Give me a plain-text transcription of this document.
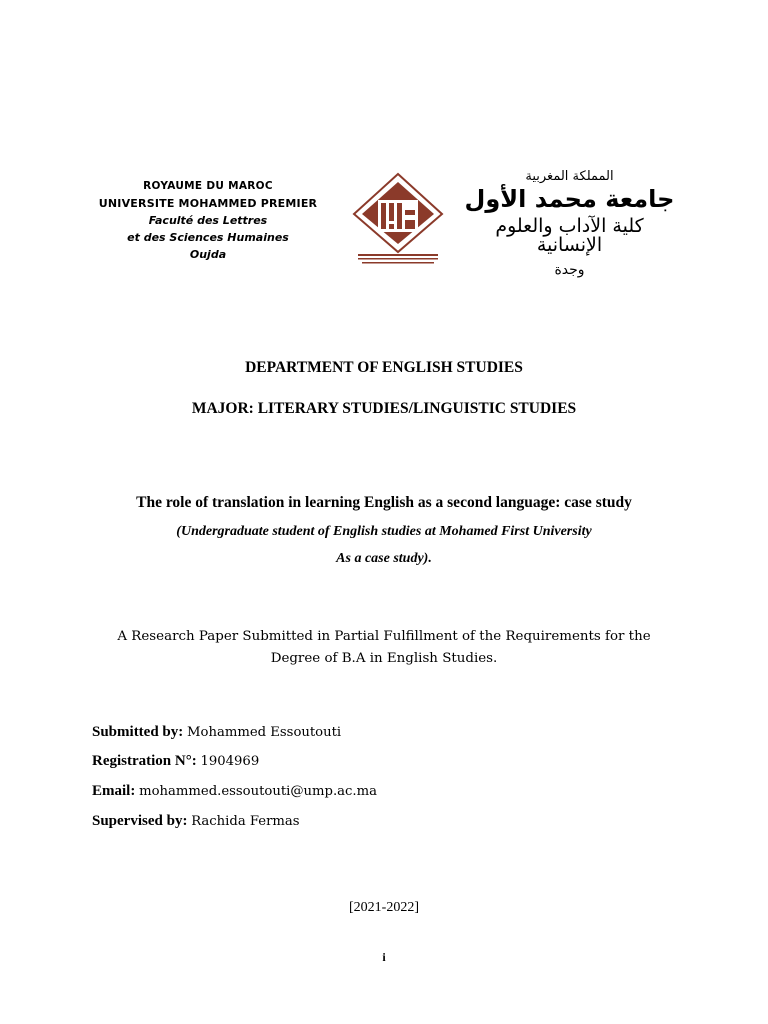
ROYAUME DU MAROC
UNIVERSITE MOHAMMED PREMIER
Faculté des Lettres
et des Sciences Humaines
Oujda
المملكة المغربية
جامعة محمد الأول
كلية الآداب والعلوم الإنسانية
وجدة
DEPARTMENT OF ENGLISH STUDIES
MAJOR: LITERARY STUDIES/LINGUISTIC STUDIES
The role of translation in learning English as a second language: case study
(Undergraduate student of English studies at Mohamed First University
As a case study).
A Research Paper Submitted in Partial Fulfillment of the Requirements for the Degree of B.A in English Studies.
Submitted by: Mohammed Essoutouti
Registration N°: 1904969
Email: mohammed.essoutouti@ump.ac.ma
Supervised by: Rachida Fermas
[2021-2022]
i
